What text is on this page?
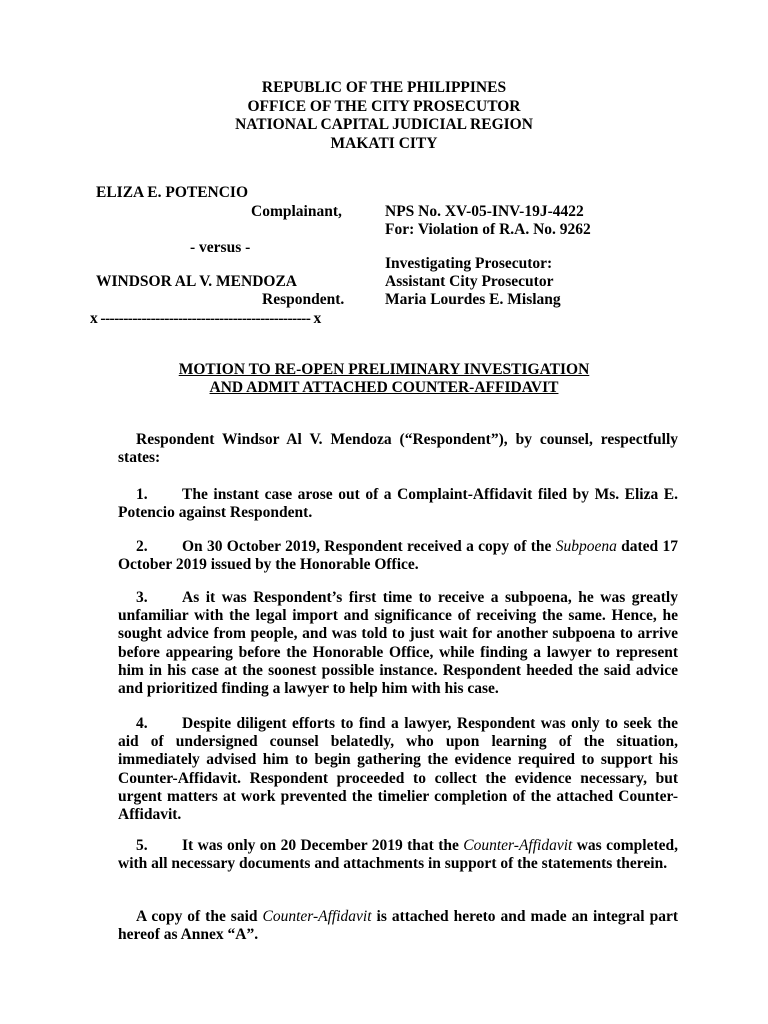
REPUBLIC OF THE PHILIPPINES
OFFICE OF THE CITY PROSECUTOR
NATIONAL CAPITAL JUDICIAL REGION
MAKATI CITY
ELIZA E. POTENCIO
Complainant,
- versus -
WINDSOR AL V. MENDOZA
Respondent.
x ---------------------------------------------- x
NPS No. XV-05-INV-19J-4422
For: Violation of R.A. No. 9262
Investigating Prosecutor:
Assistant City Prosecutor
Maria Lourdes E. Mislang
MOTION TO RE-OPEN PRELIMINARY INVESTIGATION
AND ADMIT ATTACHED COUNTER-AFFIDAVIT
Respondent Windsor Al V. Mendoza (“Respondent”), by counsel, respectfully states:
1. The instant case arose out of a Complaint-Affidavit filed by Ms. Eliza E. Potencio against Respondent.
2. On 30 October 2019, Respondent received a copy of the Subpoena dated 17 October 2019 issued by the Honorable Office.
3. As it was Respondent’s first time to receive a subpoena, he was greatly unfamiliar with the legal import and significance of receiving the same. Hence, he sought advice from people, and was told to just wait for another subpoena to arrive before appearing before the Honorable Office, while finding a lawyer to represent him in his case at the soonest possible instance. Respondent heeded the said advice and prioritized finding a lawyer to help him with his case.
4. Despite diligent efforts to find a lawyer, Respondent was only to seek the aid of undersigned counsel belatedly, who upon learning of the situation, immediately advised him to begin gathering the evidence required to support his Counter-Affidavit. Respondent proceeded to collect the evidence necessary, but urgent matters at work prevented the timelier completion of the attached Counter-Affidavit.
5. It was only on 20 December 2019 that the Counter-Affidavit was completed, with all necessary documents and attachments in support of the statements therein.
A copy of the said Counter-Affidavit is attached hereto and made an integral part hereof as Annex “A”.
